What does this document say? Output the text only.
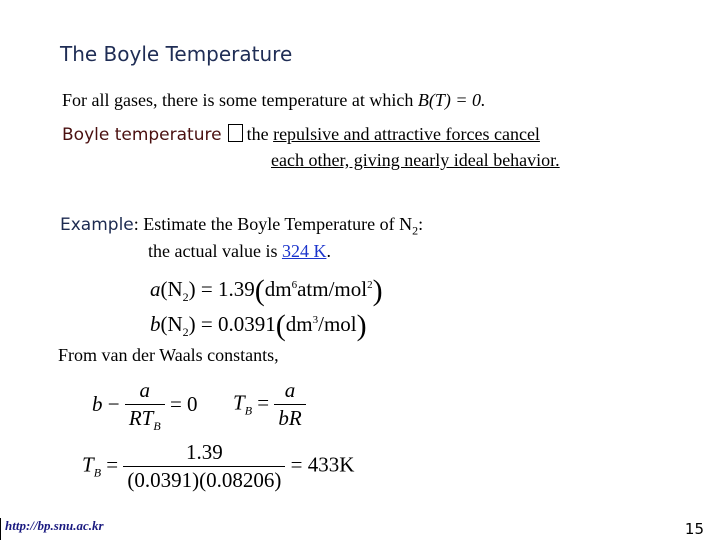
The Boyle Temperature
For all gases, there is some temperature at which B(T) = 0.
Boyle temperature the repulsive and attractive forces cancel
each other, giving nearly ideal behavior.
Example: Estimate the Boyle Temperature of $N_2$:
the actual value is 324 K.
$a(N_2) = 1.39(dm^6atm/mol^2)$
$b(N_2) = 0.0391(dm^3/mol)$
From van der Waals constants,
$b - \frac{a}{RT_B} = 0$ $T_B = \frac{a}{bR}$
$T_B = \frac{1.39}{(0.0391)(0.08206)} = 433K$
http://bp.snu.ac.kr	15
